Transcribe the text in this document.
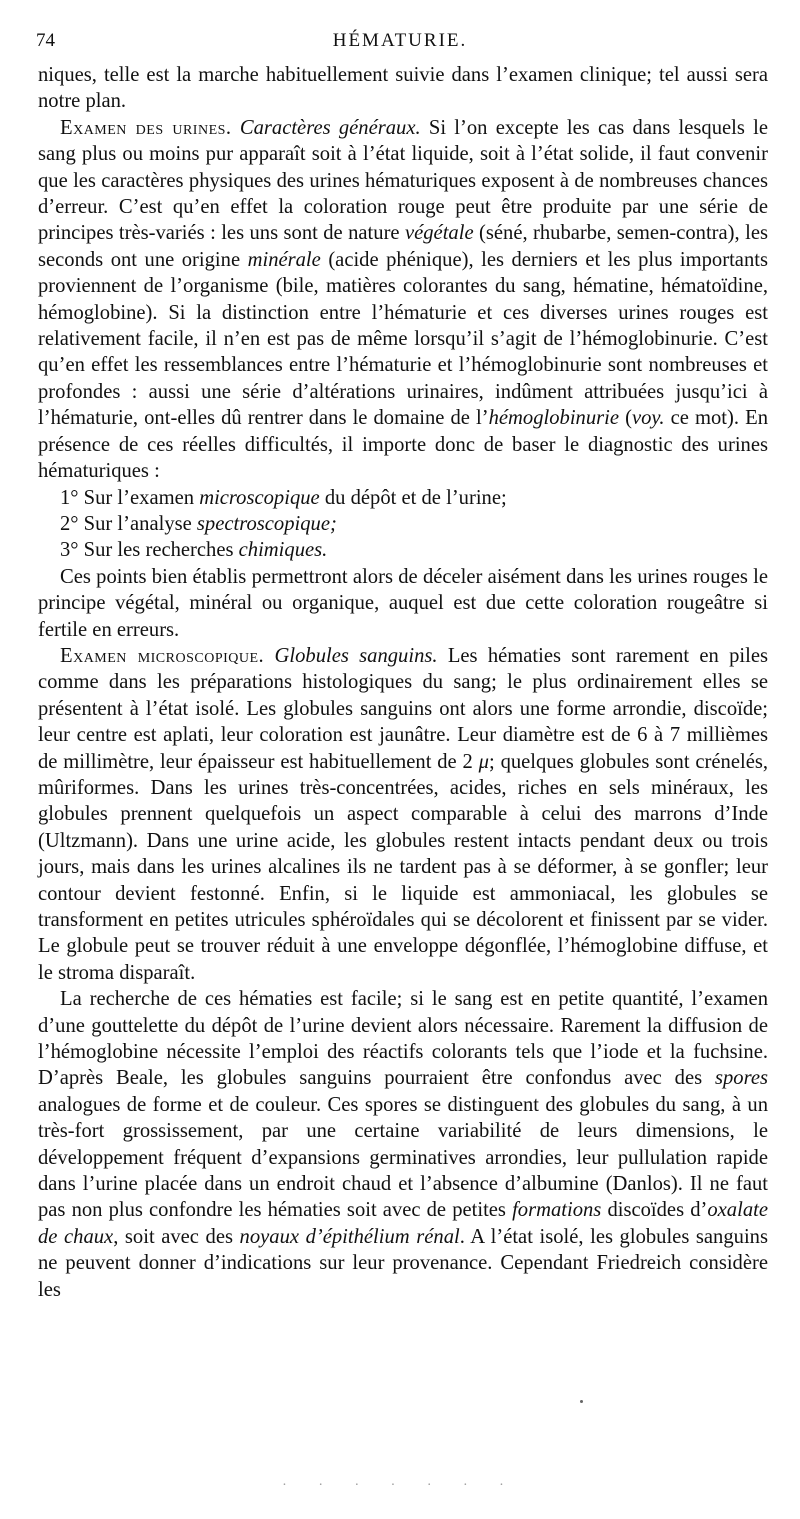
74	HÉMATURIE.

niques, telle est la marche habituellement suivie dans l’examen clinique; tel aussi sera notre plan.

Examen des urines. Caractères généraux. Si l’on excepte les cas dans lesquels le sang plus ou moins pur apparaît soit à l’état liquide, soit à l’état solide, il faut convenir que les caractères physiques des urines hématuriques exposent à de nombreuses chances d’erreur. C’est qu’en effet la coloration rouge peut être produite par une série de principes très-variés : les uns sont de nature végétale (séné, rhubarbe, semen-contra), les seconds ont une origine minérale (acide phénique), les derniers et les plus importants proviennent de l’organisme (bile, matières colorantes du sang, hématine, hématoïdine, hémoglobine). Si la distinction entre l’hématurie et ces diverses urines rouges est relativement facile, il n’en est pas de même lorsqu’il s’agit de l’hémoglobinurie. C’est qu’en effet les ressemblances entre l’hématurie et l’hémoglobinurie sont nombreuses et profondes : aussi une série d’altérations urinaires, indûment attribuées jusqu’ici à l’hématurie, ont-elles dû rentrer dans le domaine de l’hémoglobinurie (voy. ce mot). En présence de ces réelles difficultés, il importe donc de baser le diagnostic des urines hématuriques :

1° Sur l’examen microscopique du dépôt et de l’urine;

2° Sur l’analyse spectroscopique;

3° Sur les recherches chimiques.

Ces points bien établis permettront alors de déceler aisément dans les urines rouges le principe végétal, minéral ou organique, auquel est due cette coloration rougeâtre si fertile en erreurs.

Examen microscopique. Globules sanguins. Les hématies sont rarement en piles comme dans les préparations histologiques du sang; le plus ordinairement elles se présentent à l’état isolé. Les globules sanguins ont alors une forme arrondie, discoïde; leur centre est aplati, leur coloration est jaunâtre. Leur diamètre est de 6 à 7 millièmes de millimètre, leur épaisseur est habituellement de 2 μ; quelques globules sont crénelés, mûriformes. Dans les urines très-concentrées, acides, riches en sels minéraux, les globules prennent quelquefois un aspect comparable à celui des marrons d’Inde (Ultzmann). Dans une urine acide, les globules restent intacts pendant deux ou trois jours, mais dans les urines alcalines ils ne tardent pas à se déformer, à se gonfler; leur contour devient festonné. Enfin, si le liquide est ammoniacal, les globules se transforment en petites utricules sphéroïdales qui se décolorent et finissent par se vider. Le globule peut se trouver réduit à une enveloppe dégonflée, l’hémoglobine diffuse, et le stroma disparaît.

La recherche de ces hématies est facile; si le sang est en petite quantité, l’examen d’une gouttelette du dépôt de l’urine devient alors nécessaire. Rarement la diffusion de l’hémoglobine nécessite l’emploi des réactifs colorants tels que l’iode et la fuchsine. D’après Beale, les globules sanguins pourraient être confondus avec des spores analogues de forme et de couleur. Ces spores se distinguent des globules du sang, à un très-fort grossissement, par une certaine variabilité de leurs dimensions, le développement fréquent d’expansions germinatives arrondies, leur pullulation rapide dans l’urine placée dans un endroit chaud et l’absence d’albumine (Danlos). Il ne faut pas non plus confondre les hématies soit avec de petites formations discoïdes d’oxalate de chaux, soit avec des noyaux d’épithélium rénal. A l’état isolé, les globules sanguins ne peuvent donner d’indications sur leur provenance. Cependant Friedreich considère les

· · · · · · ·
